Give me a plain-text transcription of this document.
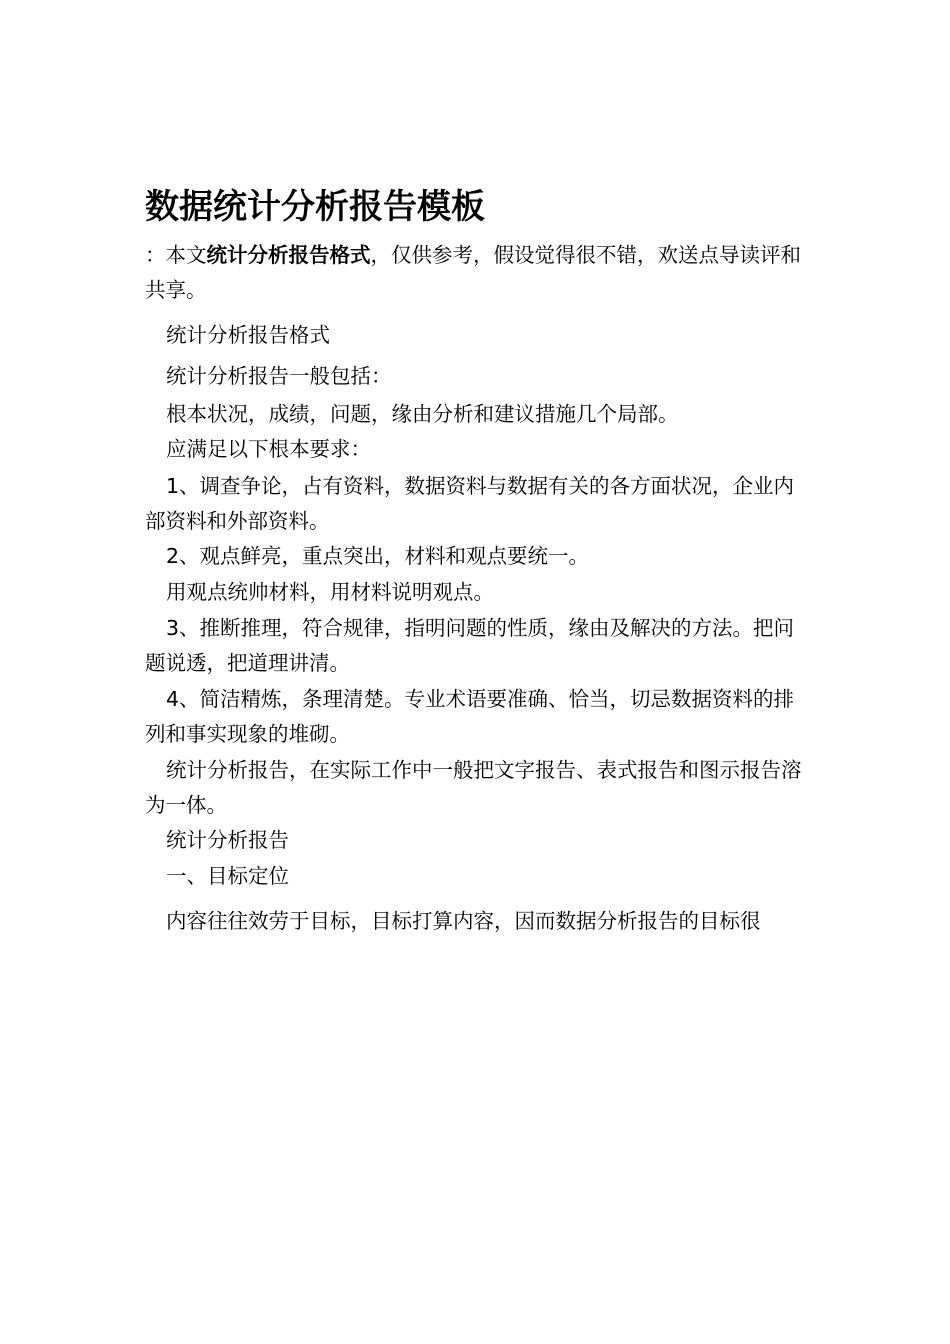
数据统计分析报告模板

：本文统计分析报告格式，仅供参考，假设觉得很不错，欢送点导读评和共享。

统计分析报告格式

统计分析报告一般包括：

根本状况，成绩，问题，缘由分析和建议措施几个局部。

应满足以下根本要求：

1、调查争论，占有资料，数据资料与数据有关的各方面状况，企业内部资料和外部资料。

2、观点鲜亮，重点突出，材料和观点要统一。

用观点统帅材料，用材料说明观点。

3、推断推理，符合规律，指明问题的性质，缘由及解决的方法。把问题说透，把道理讲清。

4、简洁精炼，条理清楚。专业术语要准确、恰当，切忌数据资料的排列和事实现象的堆砌。

统计分析报告，在实际工作中一般把文字报告、表式报告和图示报告溶为一体。

统计分析报告

一、目标定位

内容往往效劳于目标，目标打算内容，因而数据分析报告的目标很
